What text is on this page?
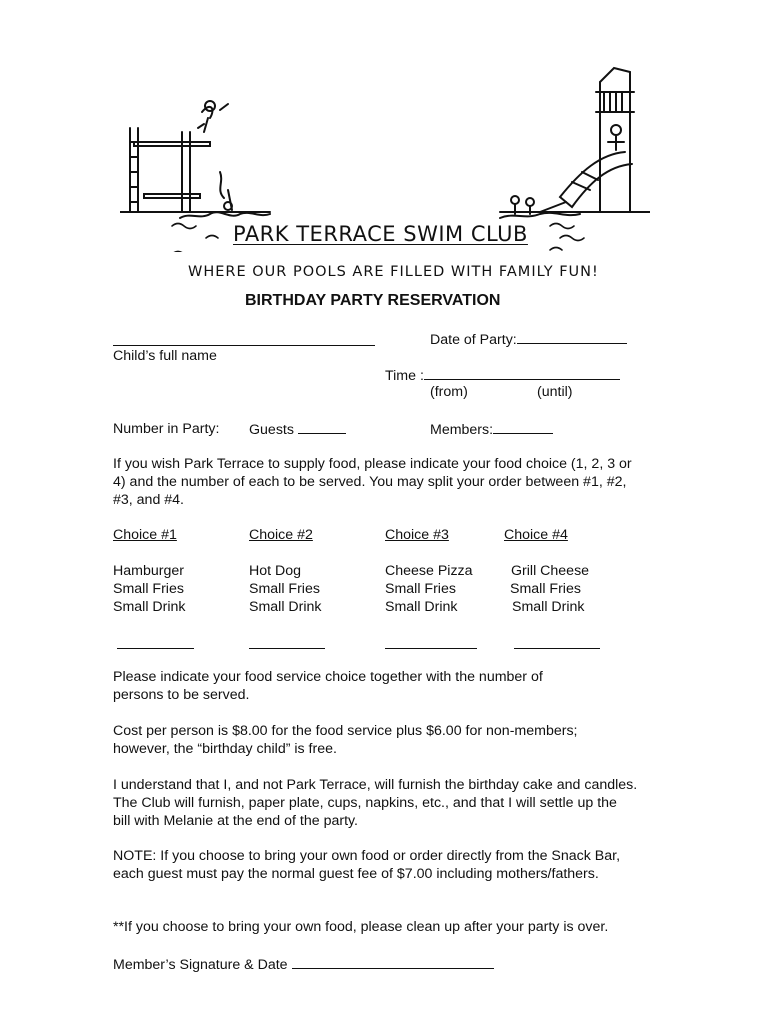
PARK TERRACE SWIM CLUB
WHERE OUR POOLS ARE FILLED WITH FAMILY FUN!
BIRTHDAY PARTY RESERVATION
Child’s full name
Date of Party:
Time :
(from)	(until)
Number in Party: Guests	Members:
If you wish Park Terrace to supply food, please indicate your food choice (1, 2, 3 or 4) and the number of each to be served. You may split your order between #1, #2, #3, and #4.
Choice #1
Hamburger
Small Fries
Small Drink
Choice #2
Hot Dog
Small Fries
Small Drink
Choice #3
Cheese Pizza
Small Fries
Small Drink
Choice #4
Grill Cheese
Small Fries
Small Drink
Please indicate your food service choice together with the number of persons to be served.
Cost per person is $8.00 for the food service plus $6.00 for non-members; however, the “birthday child” is free.
I understand that I, and not Park Terrace, will furnish the birthday cake and candles. The Club will furnish, paper plate, cups, napkins, etc., and that I will settle up the bill with Melanie at the end of the party.
NOTE: If you choose to bring your own food or order directly from the Snack Bar, each guest must pay the normal guest fee of $7.00 including mothers/fathers.
**If you choose to bring your own food, please clean up after your party is over.
Member’s Signature & Date
